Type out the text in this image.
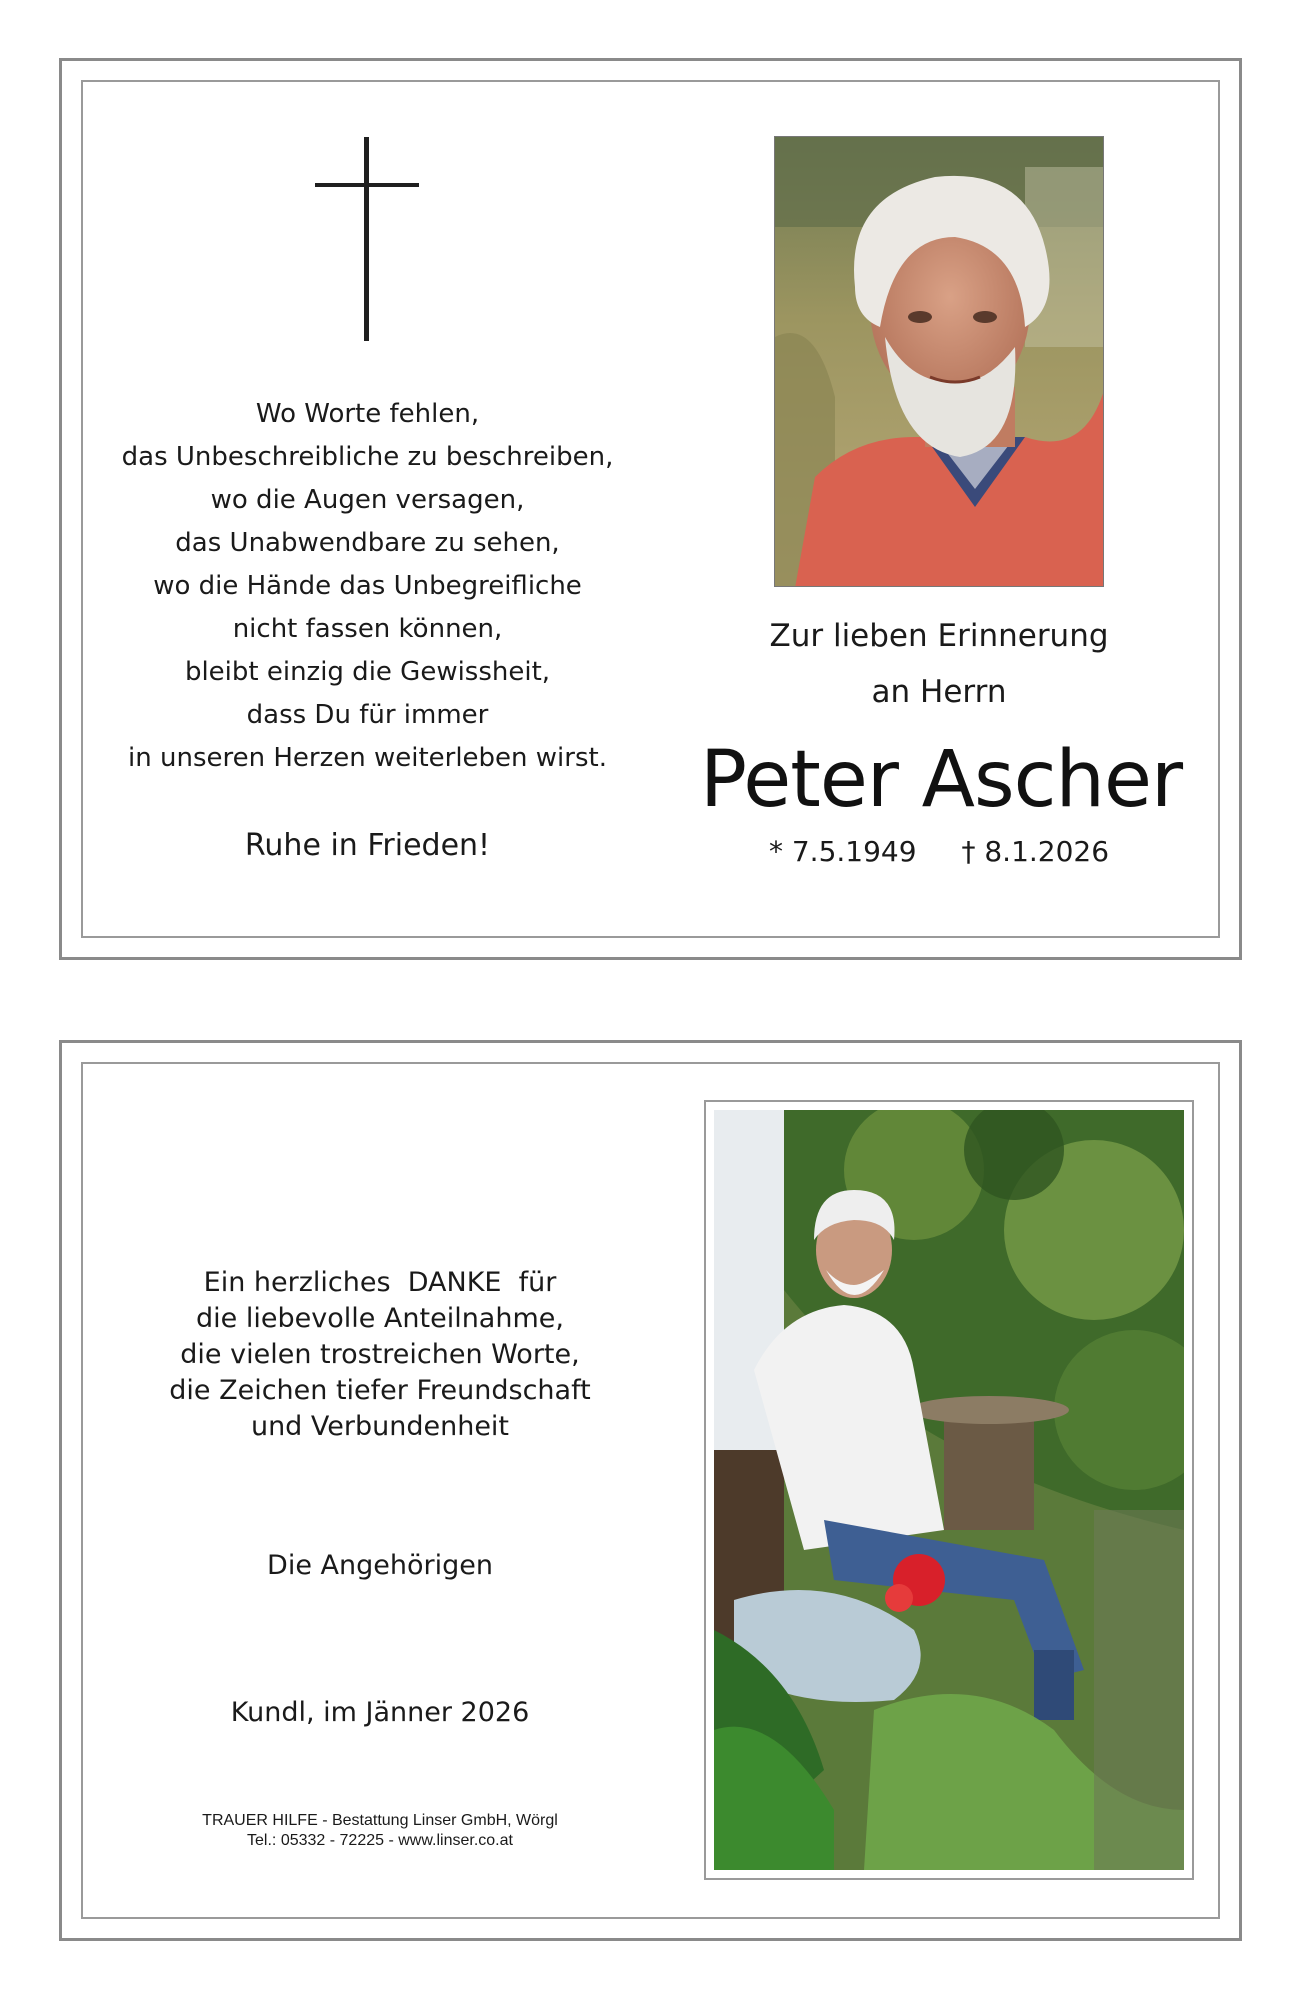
Wo Worte fehlen,
das Unbeschreibliche zu beschreiben,
wo die Augen versagen,
das Unabwendbare zu sehen,
wo die Hände das Unbegreifliche
nicht fassen können,
bleibt einzig die Gewissheit,
dass Du für immer
in unseren Herzen weiterleben wirst.
Ruhe in Frieden!
Zur lieben Erinnerung
an Herrn
Peter Ascher
* 7.5.1949 † 8.1.2026
Ein herzliches  DANKE  für
die liebevolle Anteilnahme,
die vielen trostreichen Worte,
die Zeichen tiefer Freundschaft
und Verbundenheit
Die Angehörigen
Kundl, im Jänner 2026
TRAUER HILFE - Bestattung Linser GmbH, Wörgl
Tel.: 05332 - 72225 - www.linser.co.at
